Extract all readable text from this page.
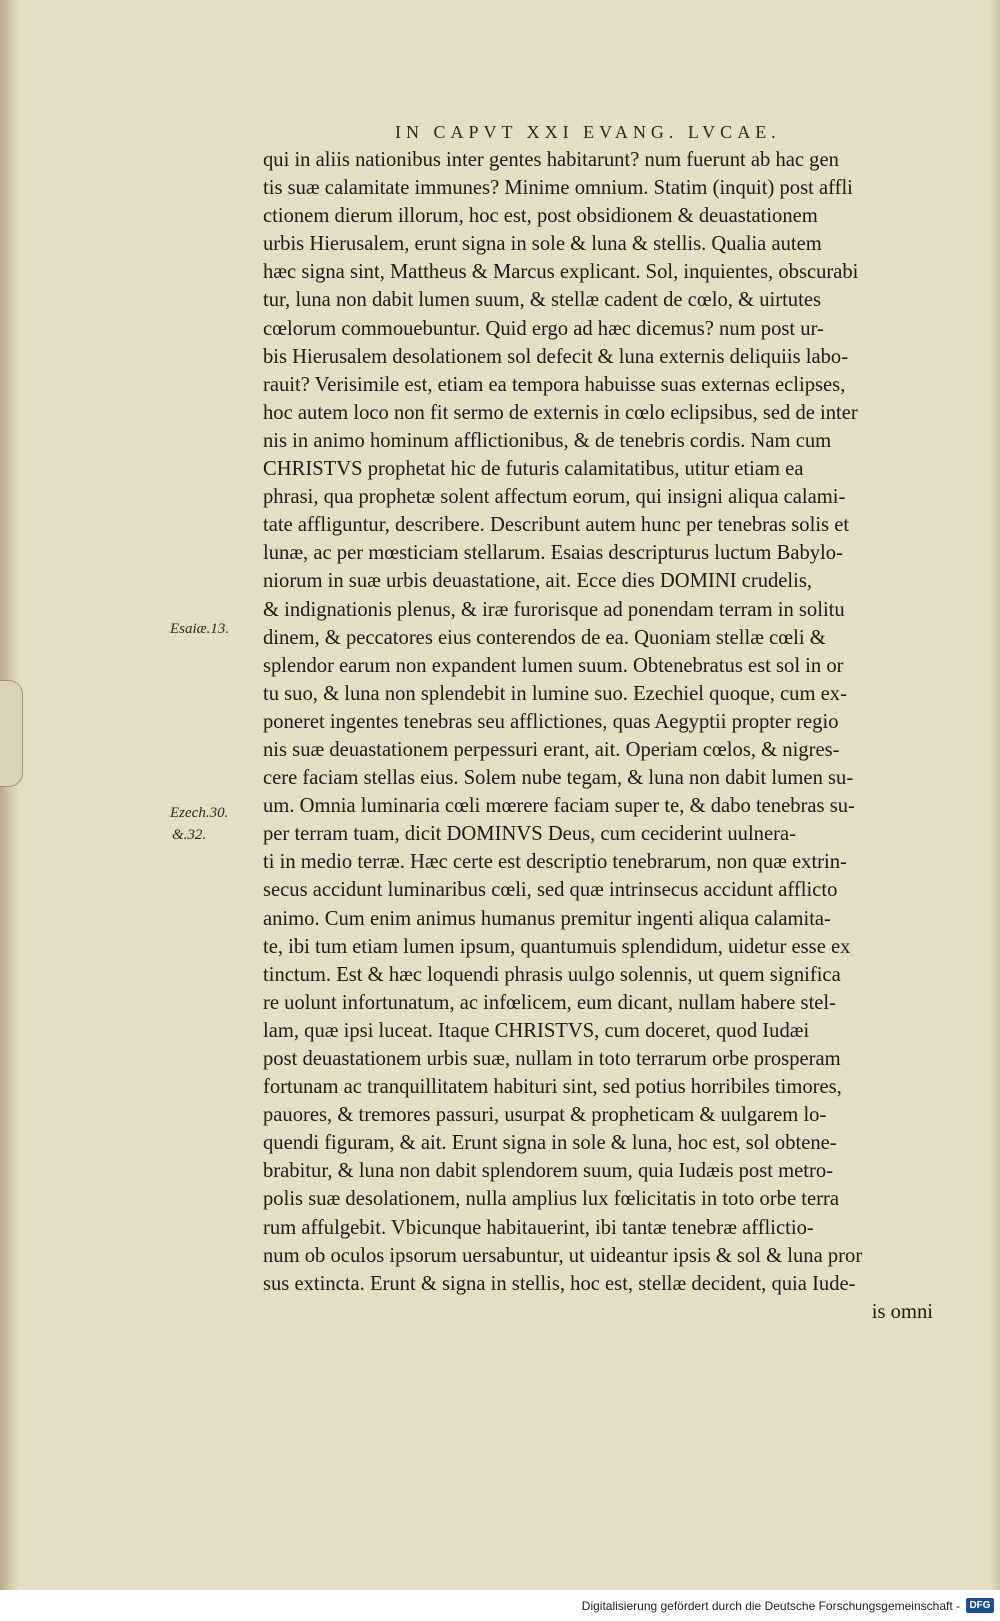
IN CAPVT XXI EVANG. LVCAE.
qui in aliis nationibus inter gentes habitarunt? num fuerunt ab hac gen
tis suæ calamitate immunes? Minime omnium. Statim (inquit) post affli
ctionem dierum illorum, hoc est, post obsidionem & deuastationem
urbis Hierusalem, erunt signa in sole & luna & stellis. Qualia autem
hæc signa sint, Mattheus & Marcus explicant. Sol, inquientes, obscurabi
tur, luna non dabit lumen suum, & stellæ cadent de cœlo, & uirtutes
cœlorum commouebuntur. Quid ergo ad hæc dicemus? num post ur-
bis Hierusalem desolationem sol defecit & luna externis deliquiis labo-
rauit? Verisimile est, etiam ea tempora habuisse suas externas eclipses,
hoc autem loco non fit sermo de externis in cœlo eclipsibus, sed de inter
nis in animo hominum afflictionibus, & de tenebris cordis. Nam cum
CHRISTVS prophetat hic de futuris calamitatibus, utitur etiam ea
phrasi, qua prophetæ solent affectum eorum, qui insigni aliqua calami-
tate affliguntur, describere. Describunt autem hunc per tenebras solis et
lunæ, ac per mœsticiam stellarum. Esaias descripturus luctum Babylo-
niorum in suæ urbis deuastatione, ait. Ecce dies DOMINI crudelis,
& indignationis plenus, & iræ furorisque ad ponendam terram in solitu
dinem, & peccatores eius conterendos de ea. Quoniam stellæ cœli &
splendor earum non expandent lumen suum. Obtenebratus est sol in or
tu suo, & luna non splendebit in lumine suo. Ezechiel quoque, cum ex-
poneret ingentes tenebras seu afflictiones, quas Aegyptii propter regio
nis suæ deuastationem perpessuri erant, ait. Operiam cœlos, & nigres-
cere faciam stellas eius. Solem nube tegam, & luna non dabit lumen su-
um. Omnia luminaria cœli mœrere faciam super te, & dabo tenebras su-
per terram tuam, dicit DOMINVS Deus, cum ceciderint uulnera-
ti in medio terræ. Hæc certe est descriptio tenebrarum, non quæ extrin-
secus accidunt luminaribus cœli, sed quæ intrinsecus accidunt afflicto
animo. Cum enim animus humanus premitur ingenti aliqua calamita-
te, ibi tum etiam lumen ipsum, quantumuis splendidum, uidetur esse ex
tinctum. Est & hæc loquendi phrasis uulgo solennis, ut quem significa
re uolunt infortunatum, ac infœlicem, eum dicant, nullam habere stel-
lam, quæ ipsi luceat. Itaque CHRISTVS, cum doceret, quod Iudæi
post deuastationem urbis suæ, nullam in toto terrarum orbe prosperam
fortunam ac tranquillitatem habituri sint, sed potius horribiles timores,
pauores, & tremores passuri, usurpat & propheticam & uulgarem lo-
quendi figuram, & ait. Erunt signa in sole & luna, hoc est, sol obtene-
brabitur, & luna non dabit splendorem suum, quia Iudæis post metro-
polis suæ desolationem, nulla amplius lux fœlicitatis in toto orbe terra
rum affulgebit. Vbicunque habitauerint, ibi tantæ tenebræ afflictio-
num ob oculos ipsorum uersabuntur, ut uideantur ipsis & sol & luna pror
sus extincta. Erunt & signa in stellis, hoc est, stellæ decident, quia Iude-
is omni
Esaiæ.13.
Ezech.30.
&.32.
Digitalisierung gefördert durch die Deutsche Forschungsgemeinschaft - DFG
